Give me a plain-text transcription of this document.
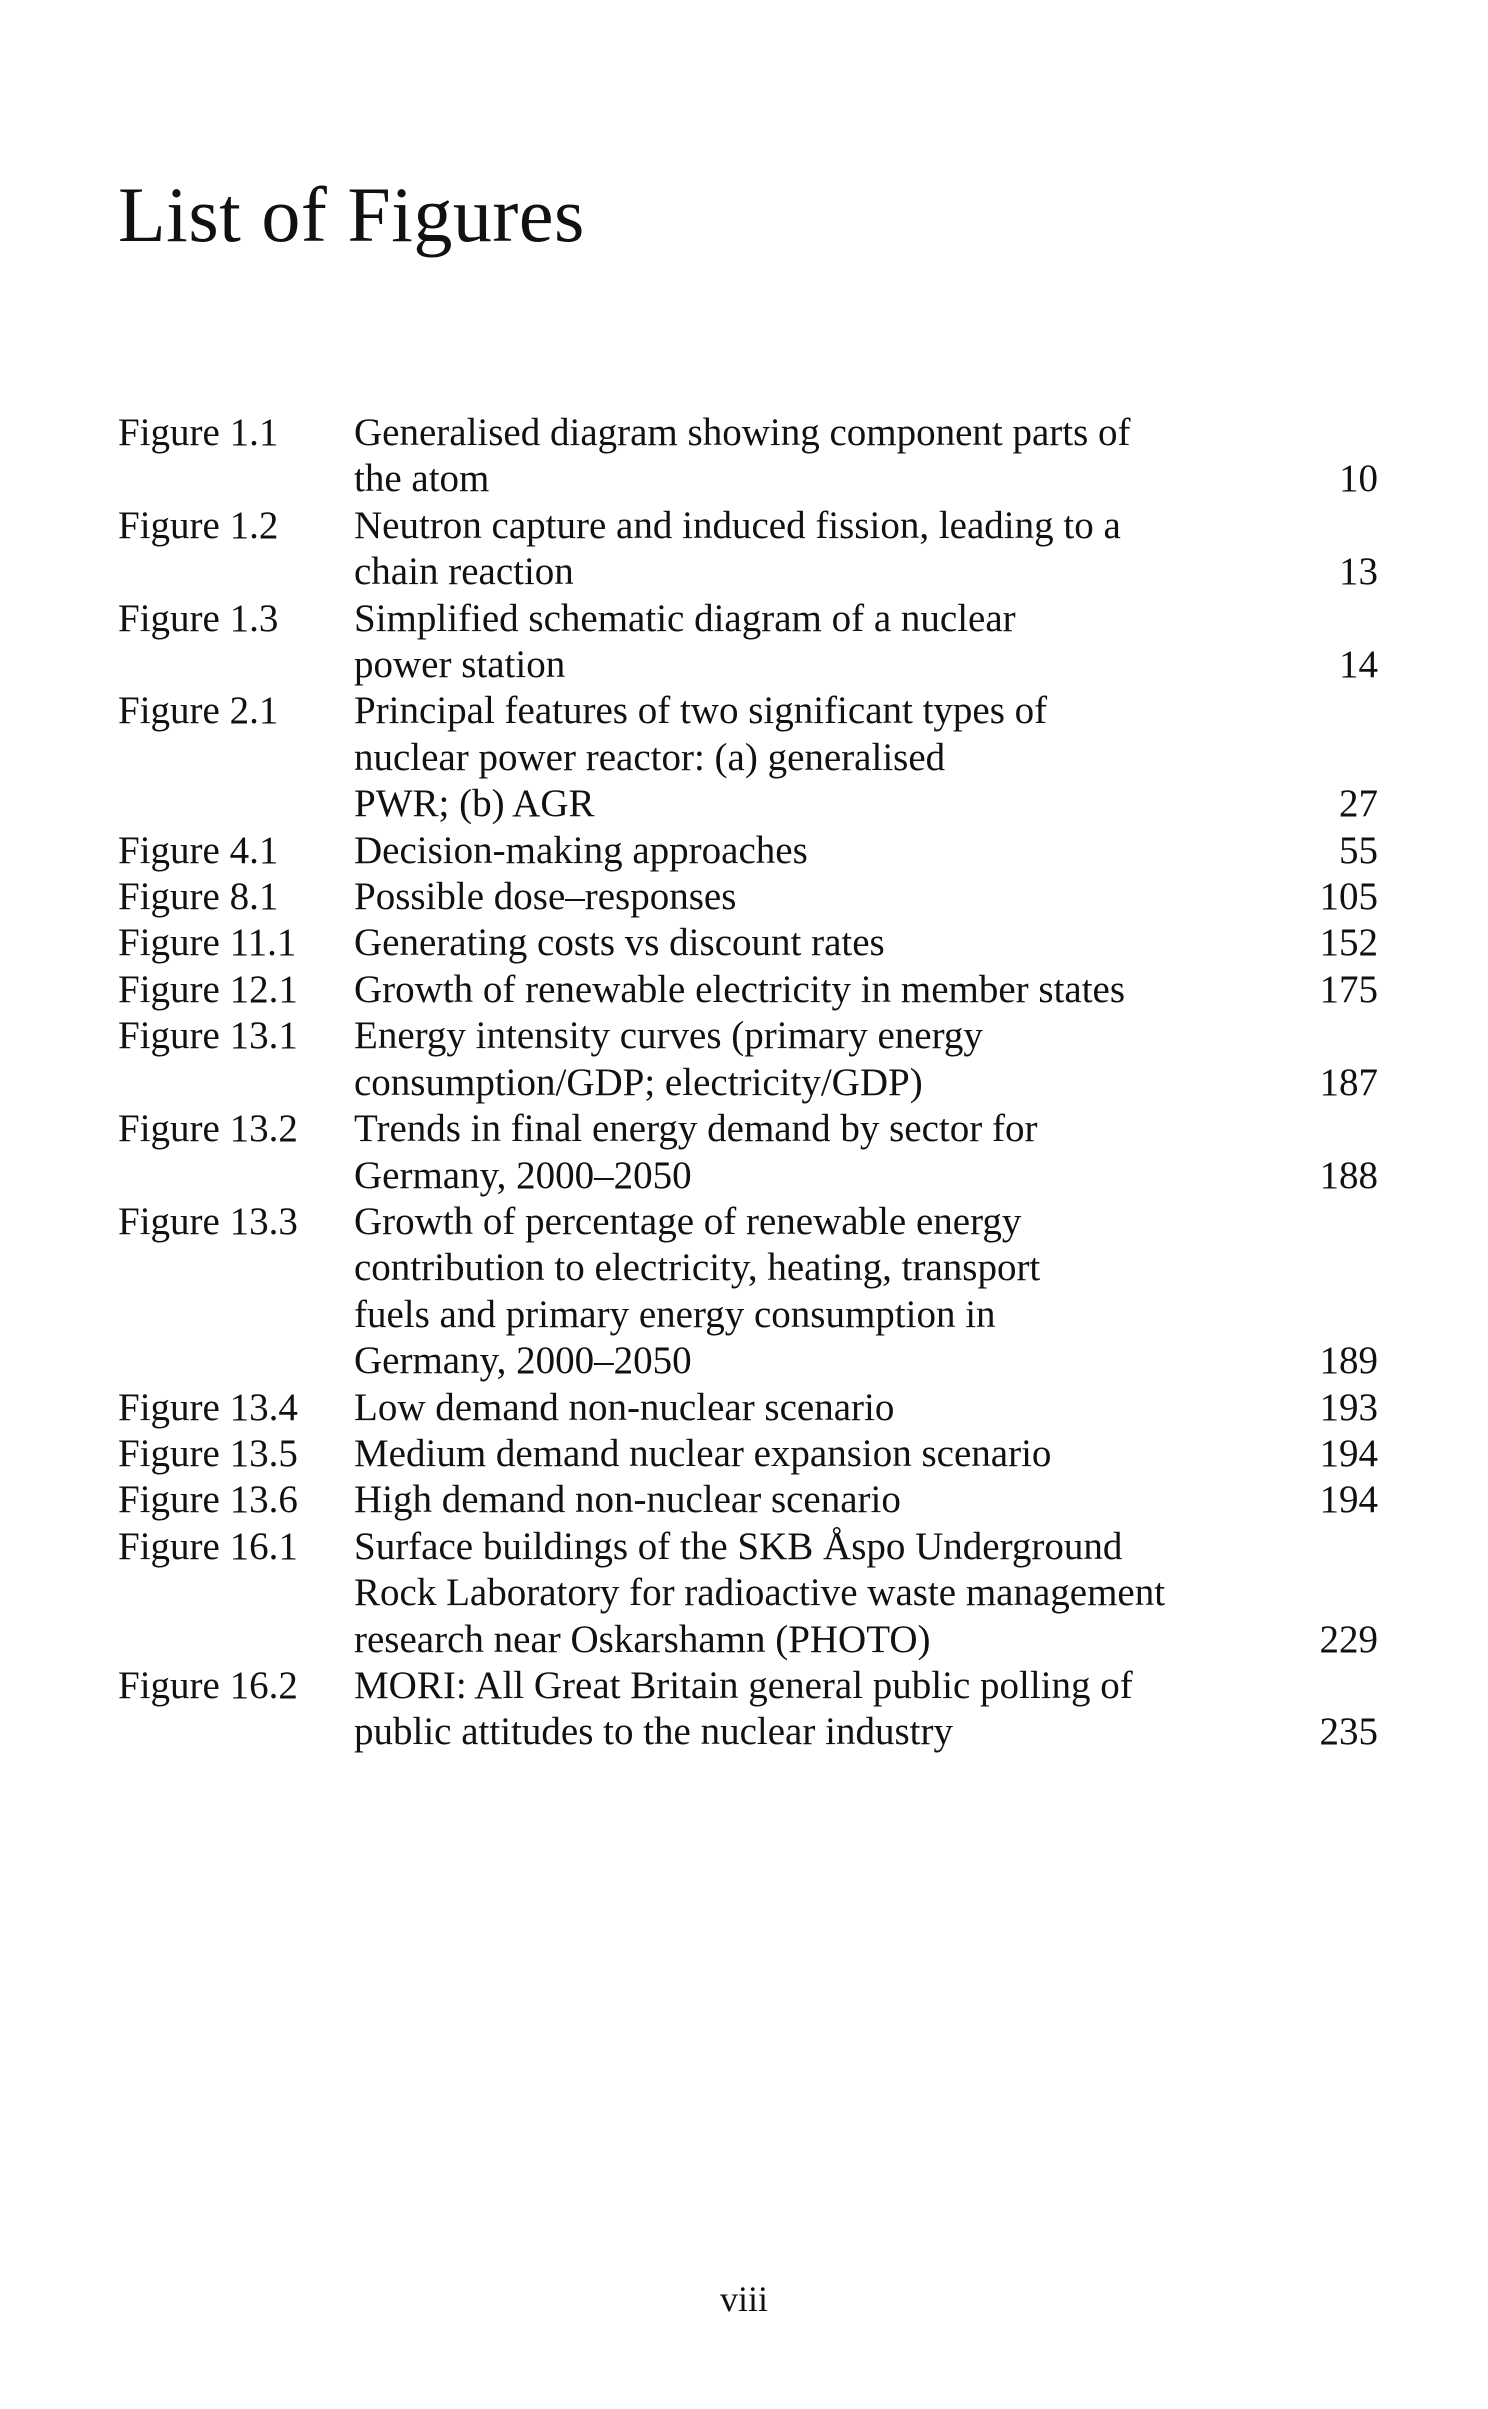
List of Figures
Figure 1.1	Generalised diagram showing component parts of
the atom	10
Figure 1.2	Neutron capture and induced fission, leading to a
chain reaction	13
Figure 1.3	Simplified schematic diagram of a nuclear
power station	14
Figure 2.1	Principal features of two significant types of
nuclear power reactor: (a) generalised
PWR; (b) AGR	27
Figure 4.1	Decision-making approaches	55
Figure 8.1	Possible dose–responses	105
Figure 11.1	Generating costs vs discount rates	152
Figure 12.1	Growth of renewable electricity in member states	175
Figure 13.1	Energy intensity curves (primary energy
consumption/GDP; electricity/GDP)	187
Figure 13.2	Trends in final energy demand by sector for
Germany, 2000–2050	188
Figure 13.3	Growth of percentage of renewable energy
contribution to electricity, heating, transport
fuels and primary energy consumption in
Germany, 2000–2050	189
Figure 13.4	Low demand non-nuclear scenario	193
Figure 13.5	Medium demand nuclear expansion scenario	194
Figure 13.6	High demand non-nuclear scenario	194
Figure 16.1	Surface buildings of the SKB Åspo Underground
Rock Laboratory for radioactive waste management
research near Oskarshamn (PHOTO)	229
Figure 16.2	MORI: All Great Britain general public polling of
public attitudes to the nuclear industry	235
viii
